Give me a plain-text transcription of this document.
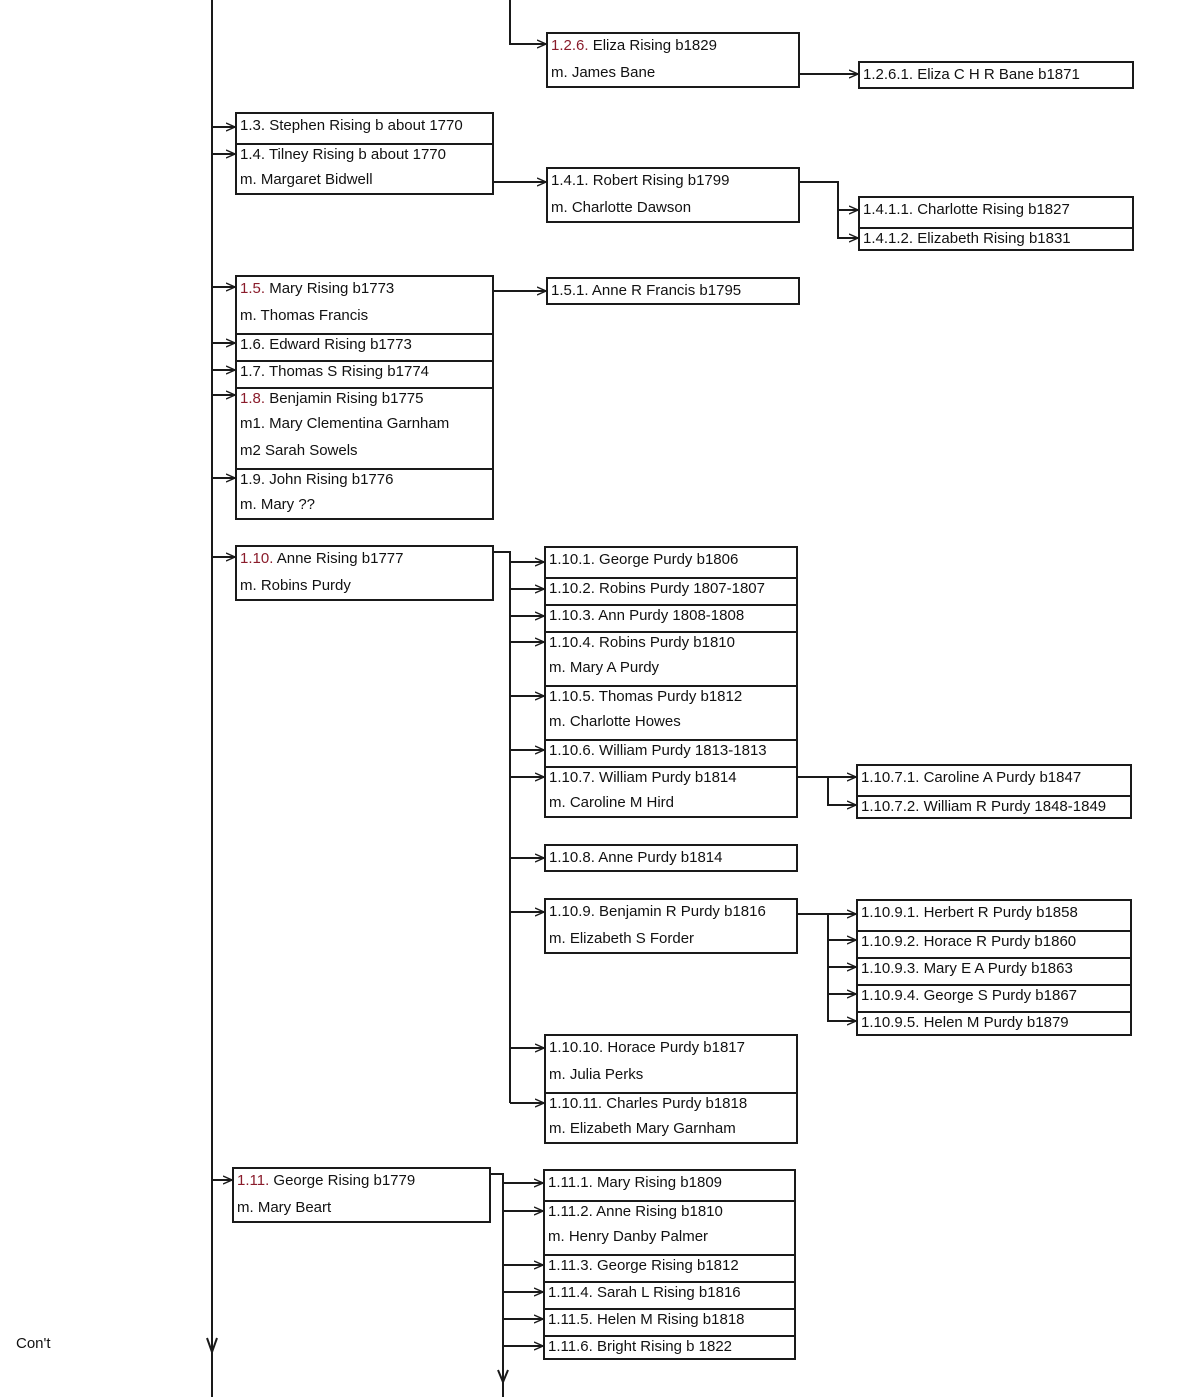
Con't
1.2.6. Eliza Rising b1829
m. James Bane	1.2.6.1. Eliza C H R Bane b1871
1.3. Stephen Rising b about 1770
1.4. Tilney Rising b about 1770
m. Margaret Bidwell	1.4.1. Robert Rising b1799
m. Charlotte Dawson	1.4.1.1. Charlotte Rising b1827
1.4.1.2. Elizabeth Rising b1831
1.5. Mary Rising b1773
m. Thomas Francis
1.6. Edward Rising b1773
1.7. Thomas S Rising b1774
1.8. Benjamin Rising b1775
m1. Mary Clementina Garnham
m2 Sarah Sowels
1.9. John Rising b1776
m. Mary ??
1.5.1. Anne R Francis b1795
1.10. Anne Rising b1777
m. Robins Purdy
1.10.1. George Purdy b1806
1.10.2. Robins Purdy 1807-1807
1.10.3. Ann Purdy 1808-1808
1.10.4. Robins Purdy b1810
m. Mary A Purdy
1.10.5. Thomas Purdy b1812
m. Charlotte Howes
1.10.6. William Purdy 1813-1813
1.10.7. William Purdy b1814
m. Caroline M Hird
1.10.7.1. Caroline A Purdy b1847
1.10.7.2. William R Purdy 1848-1849
1.10.8. Anne Purdy b1814
1.10.9. Benjamin R Purdy b1816
m. Elizabeth S Forder
1.10.9.1. Herbert R Purdy b1858
1.10.9.2. Horace R Purdy b1860
1.10.9.3. Mary E A Purdy b1863
1.10.9.4. George S Purdy b1867
1.10.9.5. Helen M Purdy b1879
1.10.10. Horace Purdy b1817
m. Julia Perks
1.10.11. Charles Purdy b1818
m. Elizabeth Mary Garnham
1.11. George Rising b1779
m. Mary Beart
1.11.1. Mary Rising b1809
1.11.2. Anne Rising b1810
m. Henry Danby Palmer
1.11.3. George Rising b1812
1.11.4. Sarah L Rising b1816
1.11.5. Helen M Rising b1818
1.11.6. Bright Rising b 1822
